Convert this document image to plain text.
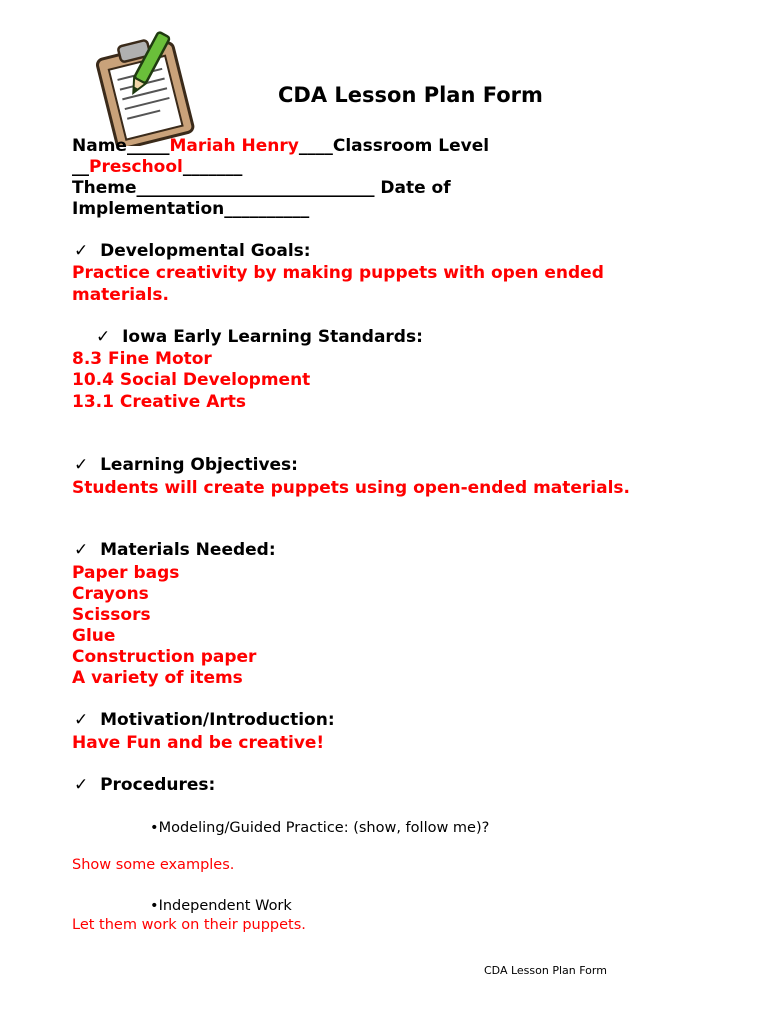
CDA Lesson Plan Form
Name_____Mariah Henry____Classroom Level
__Preschool_______
Theme____________________________ Date of
Implementation__________
✓ Developmental Goals:
Practice creativity by making puppets with open ended
materials.
✓ Iowa Early Learning Standards:
8.3 Fine Motor
10.4 Social Development
13.1 Creative Arts
✓ Learning Objectives:
Students will create puppets using open-ended materials.
✓ Materials Needed:
Paper bags
Crayons
Scissors
Glue
Construction paper
A variety of items
✓ Motivation/Introduction:
Have Fun and be creative!
✓ Procedures:
•Modeling/Guided Practice: (show, follow me)?
Show some examples.
•Independent Work
Let them work on their puppets.
CDA Lesson Plan Form
